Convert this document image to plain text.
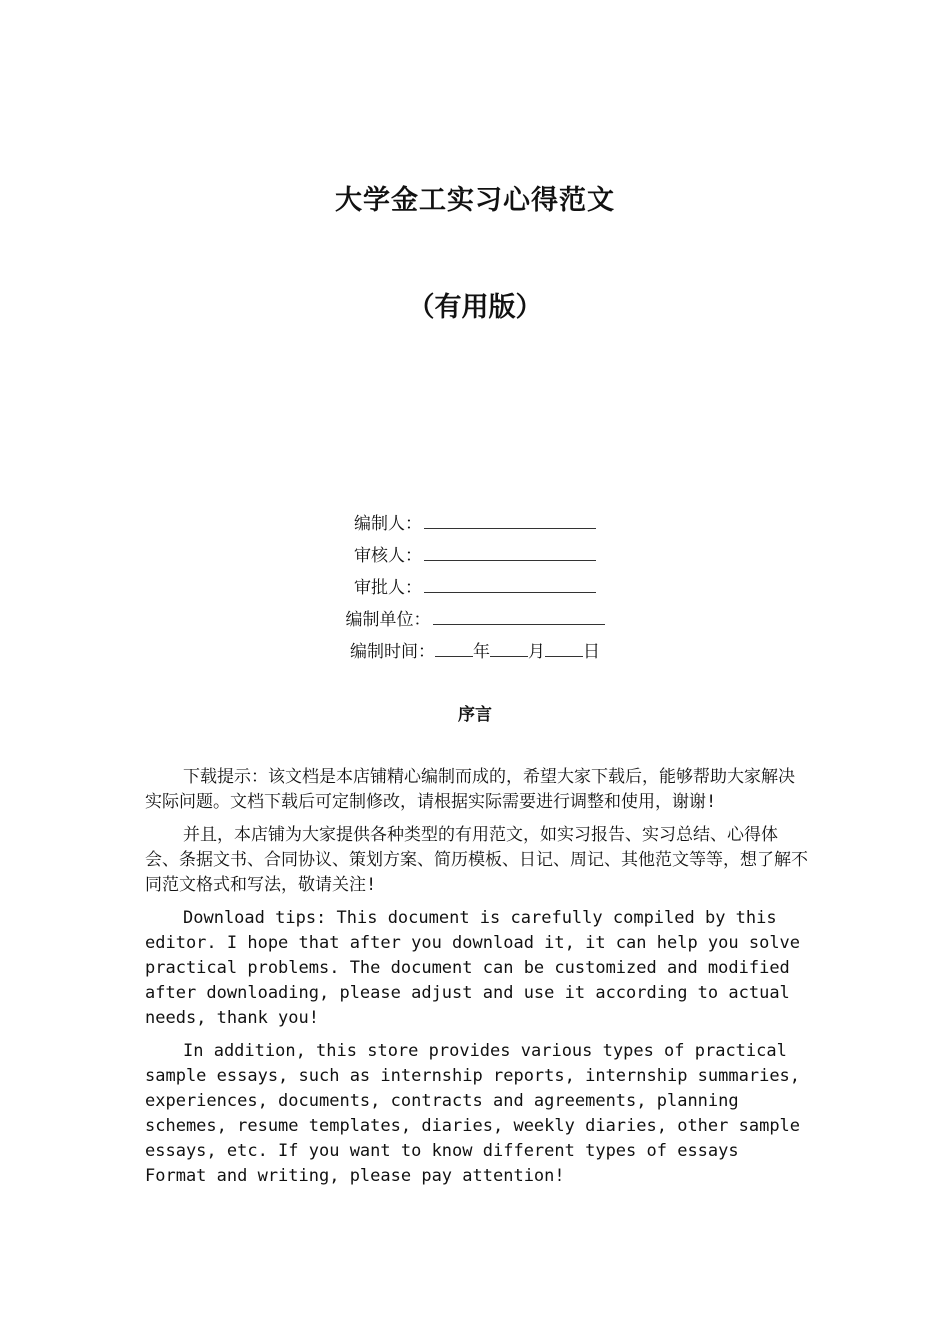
大学金工实习心得范文
（有用版）
编制人：
审核人：
审批人：
编制单位：
编制时间： 年 月 日
序言

下载提示：该文档是本店铺精心编制而成的，希望大家下载后，能够帮助大家解决实际问题。文档下载后可定制修改，请根据实际需要进行调整和使用，谢谢!

并且，本店铺为大家提供各种类型的有用范文，如实习报告、实习总结、心得体会、条据文书、合同协议、策划方案、简历模板、日记、周记、其他范文等等，想了解不同范文格式和写法，敬请关注!

Download tips: This document is carefully compiled by this editor. I hope that after you download it, it can help you solve practical problems. The document can be customized and modified after downloading, please adjust and use it according to actual needs, thank you!

In addition, this store provides various types of practical sample essays, such as internship reports, internship summaries, experiences, documents, contracts and agreements, planning schemes, resume templates, diaries, weekly diaries, other sample essays, etc. If you want to know different types of essays Format and writing, please pay attention!
